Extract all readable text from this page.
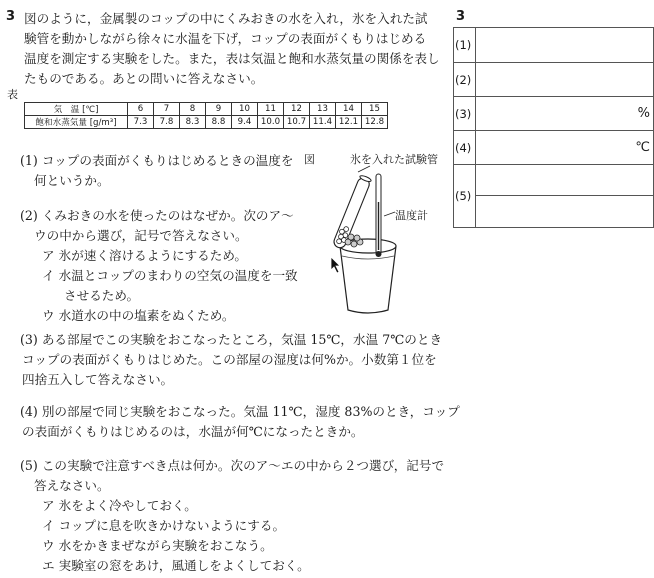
3 図のように，金属製のコップの中にくみおきの水を入れ，氷を入れた試
験管を動かしながら徐々に水温を下げ，コップの表面がくもりはじめる
温度を測定する実験をした。また，表は気温と飽和水蒸気量の関係を表し
たものである。あとの問いに答えなさい。
表
気　温 [℃]	6	7	8	9	10	11	12	13	14	15
飽和水蒸気量 [g/m³]	7.3	7.8	8.3	8.8	9.4	10.0	10.7	11.4	12.1	12.8
(1) コップの表面がくもりはじめるときの温度を
何というか。
(2) くみおきの水を使ったのはなぜか。次のア～
ウの中から選び，記号で答えなさい。
ア 氷が速く溶けるようにするため。
イ 水温とコップのまわりの空気の温度を一致
させるため。
ウ 水道水の中の塩素をぬくため。
(3) ある部屋でこの実験をおこなったところ，気温 15℃，水温 7℃のとき
コップの表面がくもりはじめた。この部屋の湿度は何%か。小数第１位を
四捨五入して答えなさい。
(4) 別の部屋で同じ実験をおこなった。気温 11℃，湿度 83%のとき，コップ
の表面がくもりはじめるのは，水温が何℃になったときか。
(5) この実験で注意すべき点は何か。次のア～エの中から２つ選び，記号で
答えなさい。
ア 氷をよく冷やしておく。
イ コップに息を吹きかけないようにする。
ウ 水をかきまぜながら実験をおこなう。
エ 実験室の窓をあけ，風通しをよくしておく。
図	氷を入れた試験管
温度計
3
(1)	
(2)	
(3)	%
(4)	℃
(5)	
